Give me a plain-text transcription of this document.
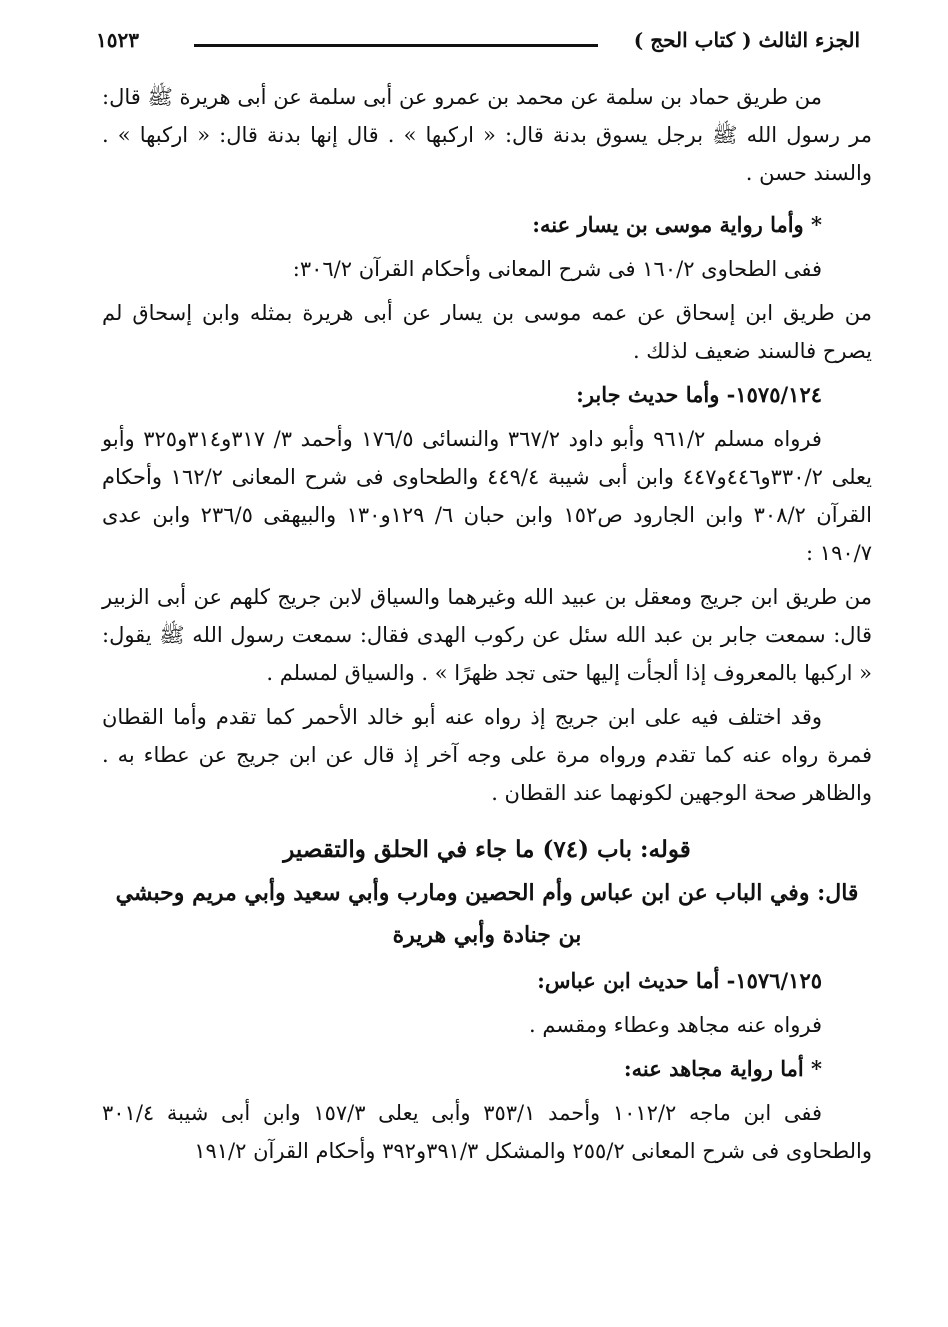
الجزء الثالث ( كتاب الحج )
١٥٢٣

من طريق حماد بن سلمة عن محمد بن عمرو عن أبى سلمة عن أبى هريرة ﷺ قال: مر رسول الله ﷺ برجل يسوق بدنة قال: « اركبها » . قال إنها بدنة قال: « اركبها » . والسند حسن .

* وأما رواية موسى بن يسار عنه:

ففى الطحاوى ١٦٠/٢ فى شرح المعانى وأحكام القرآن ٣٠٦/٢:

من طريق ابن إسحاق عن عمه موسى بن يسار عن أبى هريرة بمثله وابن إسحاق لم يصرح فالسند ضعيف لذلك .

١٥٧٥/١٢٤- وأما حديث جابر:

فرواه مسلم ٩٦١/٢ وأبو داود ٣٦٧/٢ والنسائى ١٧٦/٥ وأحمد ٣/ ٣١٧و٣١٤و٣٢٥ وأبو يعلى ٣٣٠/٢و٤٤٦و٤٤٧ وابن أبى شيبة ٤٤٩/٤ والطحاوى فى شرح المعانى ١٦٢/٢ وأحكام القرآن ٣٠٨/٢ وابن الجارود ص١٥٢ وابن حبان ٦/ ١٢٩و١٣٠ والبيهقى ٢٣٦/٥ وابن عدى ١٩٠/٧ :

من طريق ابن جريج ومعقل بن عبيد الله وغيرهما والسياق لابن جريج كلهم عن أبى الزبير قال: سمعت جابر بن عبد الله سئل عن ركوب الهدى فقال: سمعت رسول الله ﷺ يقول: « اركبها بالمعروف إذا ألجأت إليها حتى تجد ظهرًا » . والسياق لمسلم .

وقد اختلف فيه على ابن جريج إذ رواه عنه أبو خالد الأحمر كما تقدم وأما القطان فمرة رواه عنه كما تقدم ورواه مرة على وجه آخر إذ قال عن ابن جريج عن عطاء به . والظاهر صحة الوجهين لكونهما عند القطان .

قوله: باب (٧٤) ما جاء في الحلق والتقصير

قال: وفي الباب عن ابن عباس وأم الحصين ومارب وأبي سعيد وأبي مريم وحبشي بن جنادة وأبي هريرة

١٥٧٦/١٢٥- أما حديث ابن عباس:

فرواه عنه مجاهد وعطاء ومقسم .

* أما رواية مجاهد عنه:

ففى ابن ماجه ١٠١٢/٢ وأحمد ٣٥٣/١ وأبى يعلى ١٥٧/٣ وابن أبى شيبة ٣٠١/٤ والطحاوى فى شرح المعانى ٢٥٥/٢ والمشكل ٣٩١/٣و٣٩٢ وأحكام القرآن ١٩١/٢
